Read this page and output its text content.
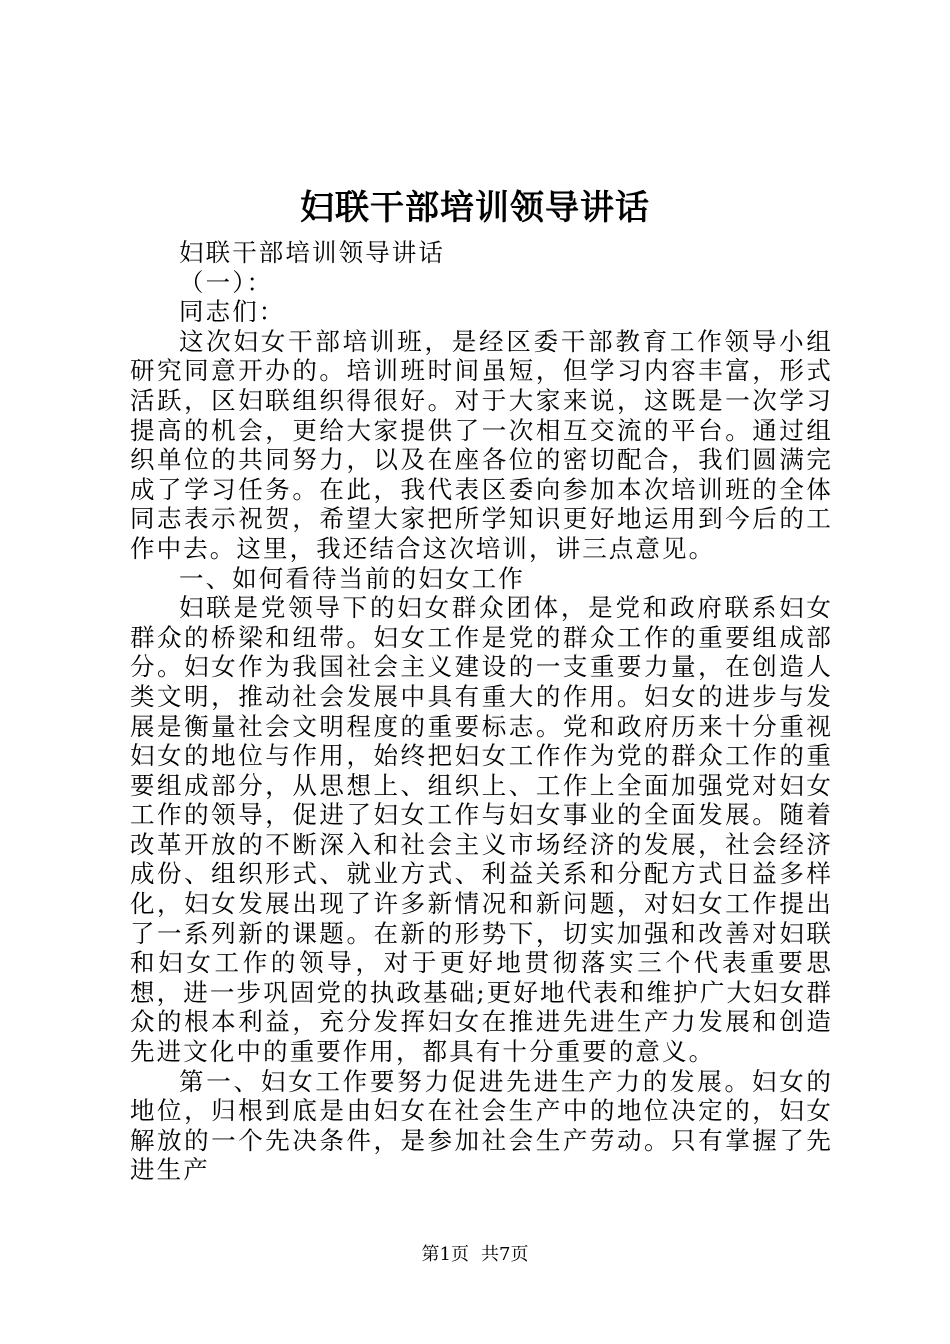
妇联干部培训领导讲话

妇联干部培训领导讲话

（一）：

同志们：

这次妇女干部培训班，是经区委干部教育工作领导小组研究同意开办的。培训班时间虽短，但学习内容丰富，形式活跃，区妇联组织得很好。对于大家来说，这既是一次学习提高的机会，更给大家提供了一次相互交流的平台。通过组织单位的共同努力，以及在座各位的密切配合，我们圆满完成了学习任务。在此，我代表区委向参加本次培训班的全体同志表示祝贺，希望大家把所学知识更好地运用到今后的工作中去。这里，我还结合这次培训，讲三点意见。

一、如何看待当前的妇女工作

妇联是党领导下的妇女群众团体，是党和政府联系妇女群众的桥梁和纽带。妇女工作是党的群众工作的重要组成部分。妇女作为我国社会主义建设的一支重要力量，在创造人类文明，推动社会发展中具有重大的作用。妇女的进步与发展是衡量社会文明程度的重要标志。党和政府历来十分重视妇女的地位与作用，始终把妇女工作作为党的群众工作的重要组成部分，从思想上、组织上、工作上全面加强党对妇女工作的领导，促进了妇女工作与妇女事业的全面发展。随着改革开放的不断深入和社会主义市场经济的发展，社会经济成份、组织形式、就业方式、利益关系和分配方式日益多样化，妇女发展出现了许多新情况和新问题，对妇女工作提出了一系列新的课题。在新的形势下，切实加强和改善对妇联和妇女工作的领导，对于更好地贯彻落实三个代表重要思想，进一步巩固党的执政基础;更好地代表和维护广大妇女群众的根本利益，充分发挥妇女在推进先进生产力发展和创造先进文化中的重要作用，都具有十分重要的意义。

第一、妇女工作要努力促进先进生产力的发展。妇女的地位，归根到底是由妇女在社会生产中的地位决定的，妇女解放的一个先决条件，是参加社会生产劳动。只有掌握了先进生产

第1页 共7页
